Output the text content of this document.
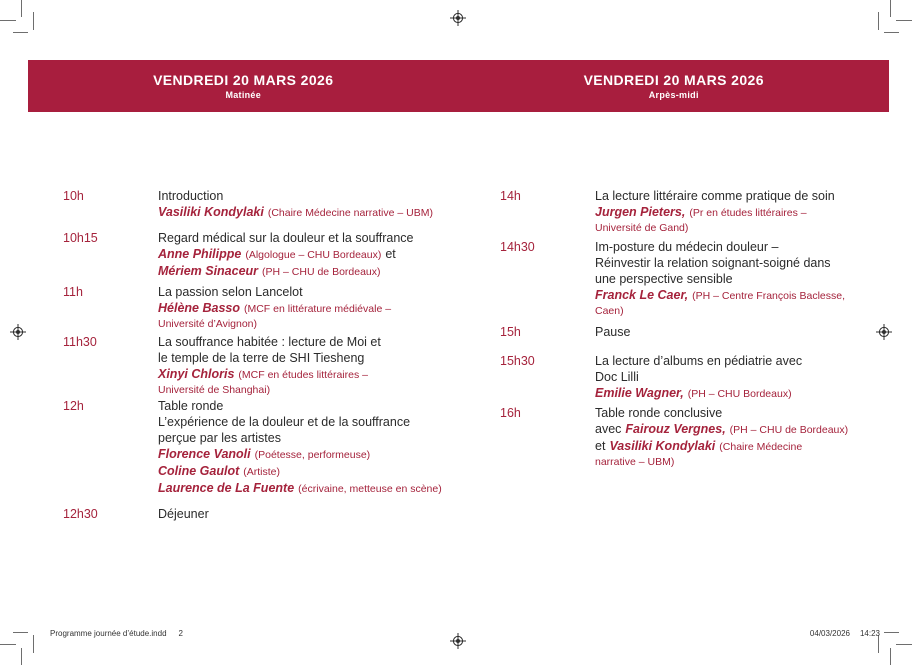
VENDREDI 20 MARS 2026
Matinée
VENDREDI 20 MARS 2026
Arpès-midi
10h	Introduction
Vasiliki Kondylaki (Chaire Médecine narrative – UBM)
10h15	Regard médical sur la douleur et la souffrance
Anne Philippe (Algologue – CHU Bordeaux) et
Mériem Sinaceur (PH – CHU de Bordeaux)
11h	La passion selon Lancelot
Hélène Basso (MCF en littérature médiévale –
Université d’Avignon)
11h30	La souffrance habitée : lecture de Moi et
le temple de la terre de SHI Tiesheng
Xinyi Chloris (MCF en études littéraires –
Université de Shanghai)
12h	Table ronde
L’expérience de la douleur et de la souffrance
perçue par les artistes
Florence Vanoli (Poétesse, performeuse)
Coline Gaulot (Artiste)
Laurence de La Fuente (écrivaine, metteuse en scène)
12h30	Déjeuner
14h	La lecture littéraire comme pratique de soin
Jurgen Pieters, (Pr en études littéraires –
Université de Gand)
14h30	Im-posture du médecin douleur –
Réinvestir la relation soignant-soigné dans
une perspective sensible
Franck Le Caer, (PH – Centre François Baclesse,
Caen)
15h	Pause
15h30	La lecture d’albums en pédiatrie avec
Doc Lilli
Emilie Wagner, (PH – CHU Bordeaux)
16h	Table ronde conclusive
avec Fairouz Vergnes, (PH – CHU de Bordeaux)
et Vasiliki Kondylaki (Chaire Médecine
narrative – UBM)
Programme journée d’étude.indd 2	04/03/2026 14:23
